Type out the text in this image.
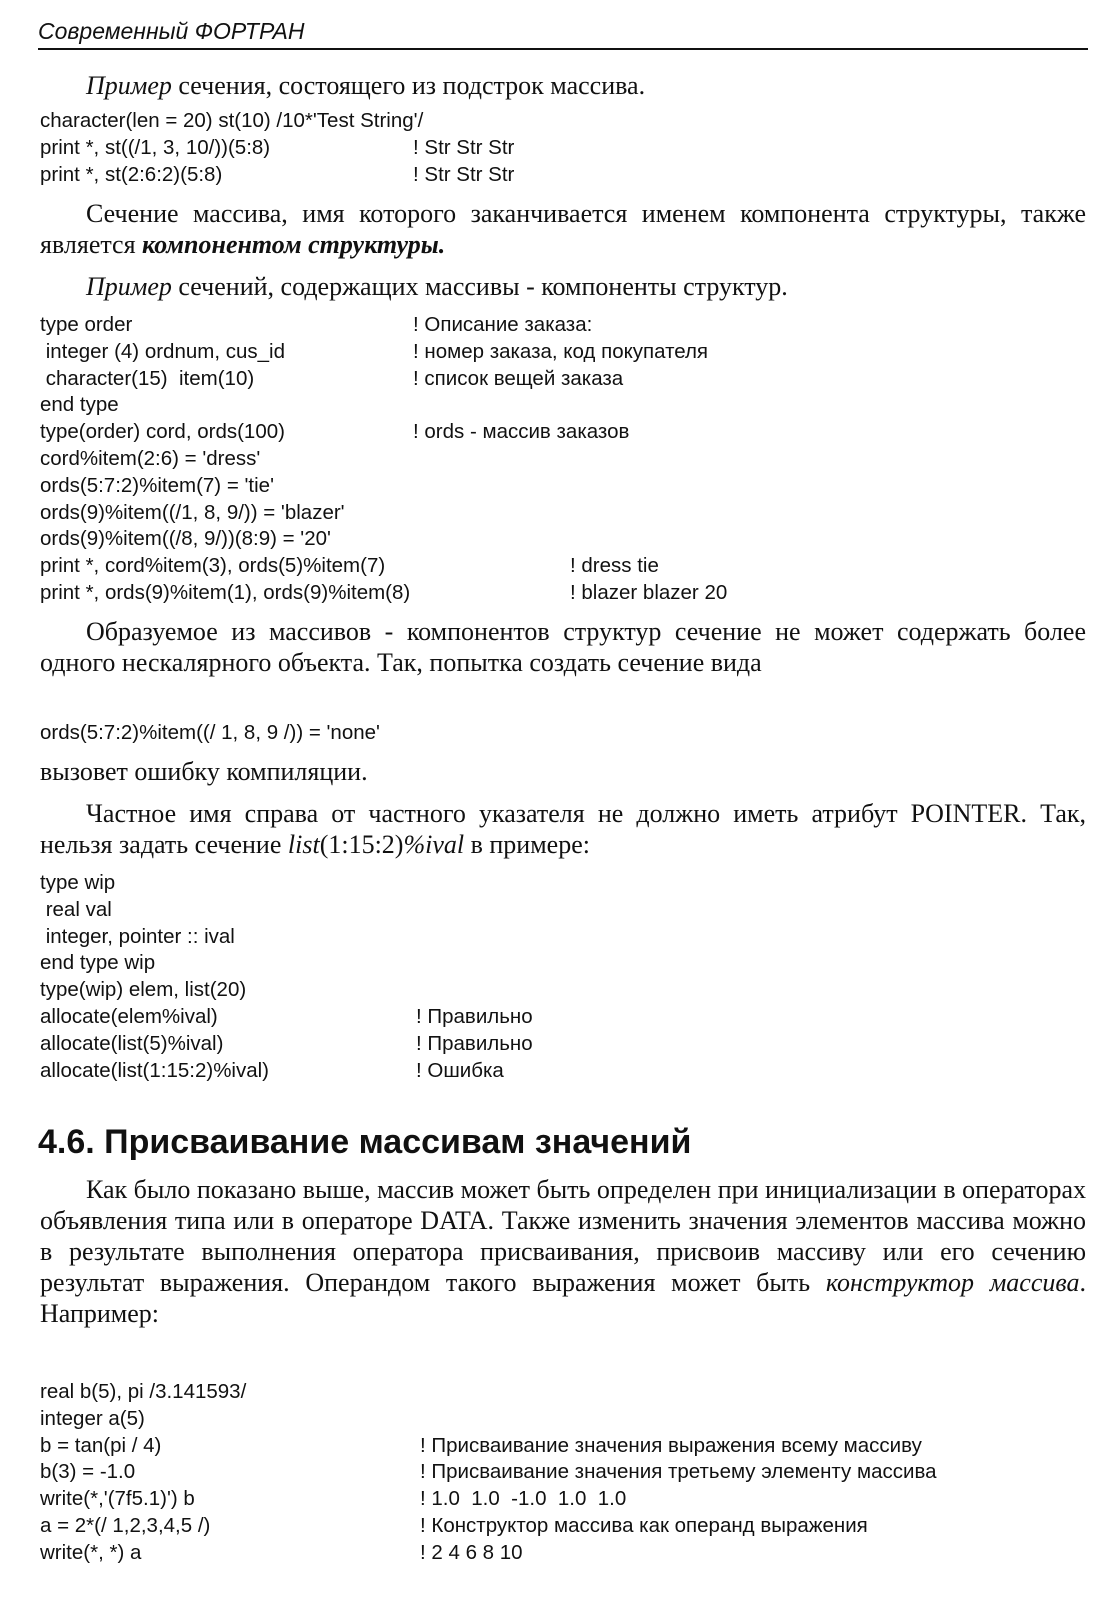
Современный ФОРТРАН

Пример сечения, состоящего из подстрок массива.

character(len = 20) st(10) /10*'Test String'/
print *, st((/1, 3, 10/))(5:8)	! Str Str Str
print *, st(2:6:2)(5:8)	! Str Str Str

Сечение массива, имя которого заканчивается именем компонента структуры, также является компонентом структуры.

Пример сечений, содержащих массивы - компоненты структур.

type order	! Описание заказа:
integer (4) ordnum, cus_id	! номер заказа, код покупателя
character(15)  item(10)	! список вещей заказа
end type
type(order) cord, ords(100)	! ords - массив заказов
cord%item(2:6) = 'dress'
ords(5:7:2)%item(7) = 'tie'
ords(9)%item((/1, 8, 9/)) = 'blazer'
ords(9)%item((/8, 9/))(8:9) = '20'
print *, cord%item(3), ords(5)%item(7)	! dress tie
print *, ords(9)%item(1), ords(9)%item(8)	! blazer blazer 20

Образуемое из массивов - компонентов структур сечение не может содержать более одного нескалярного объекта. Так, попытка создать сечение вида

ords(5:7:2)%item((/ 1, 8, 9 /)) = 'none'

вызовет ошибку компиляции.

Частное имя справа от частного указателя не должно иметь атрибут POINTER. Так, нельзя задать сечение list(1:15:2)%ival в примере:

type wip
real val
integer, pointer :: ival
end type wip
type(wip) elem, list(20)
allocate(elem%ival)	! Правильно
allocate(list(5)%ival)	! Правильно
allocate(list(1:15:2)%ival)	! Ошибка
4.6. Присваивание массивам значений

Как было показано выше, массив может быть определен при инициализации в операторах объявления типа или в операторе DATA. Также изменить значения элементов массива можно в результате выполнения оператора присваивания, присвоив массиву или его сечению результат выражения. Операндом такого выражения может быть конструктор массива. Например:

real b(5), pi /3.141593/
integer a(5)
b = tan(pi / 4)	! Присваивание значения выражения всему массиву
b(3) = -1.0	! Присваивание значения третьему элементу массива
write(*,'(7f5.1)') b	! 1.0  1.0  -1.0  1.0  1.0
a = 2*(/ 1,2,3,4,5 /)	! Конструктор массива как операнд выражения
write(*, *) a	! 2 4 6 8 10
